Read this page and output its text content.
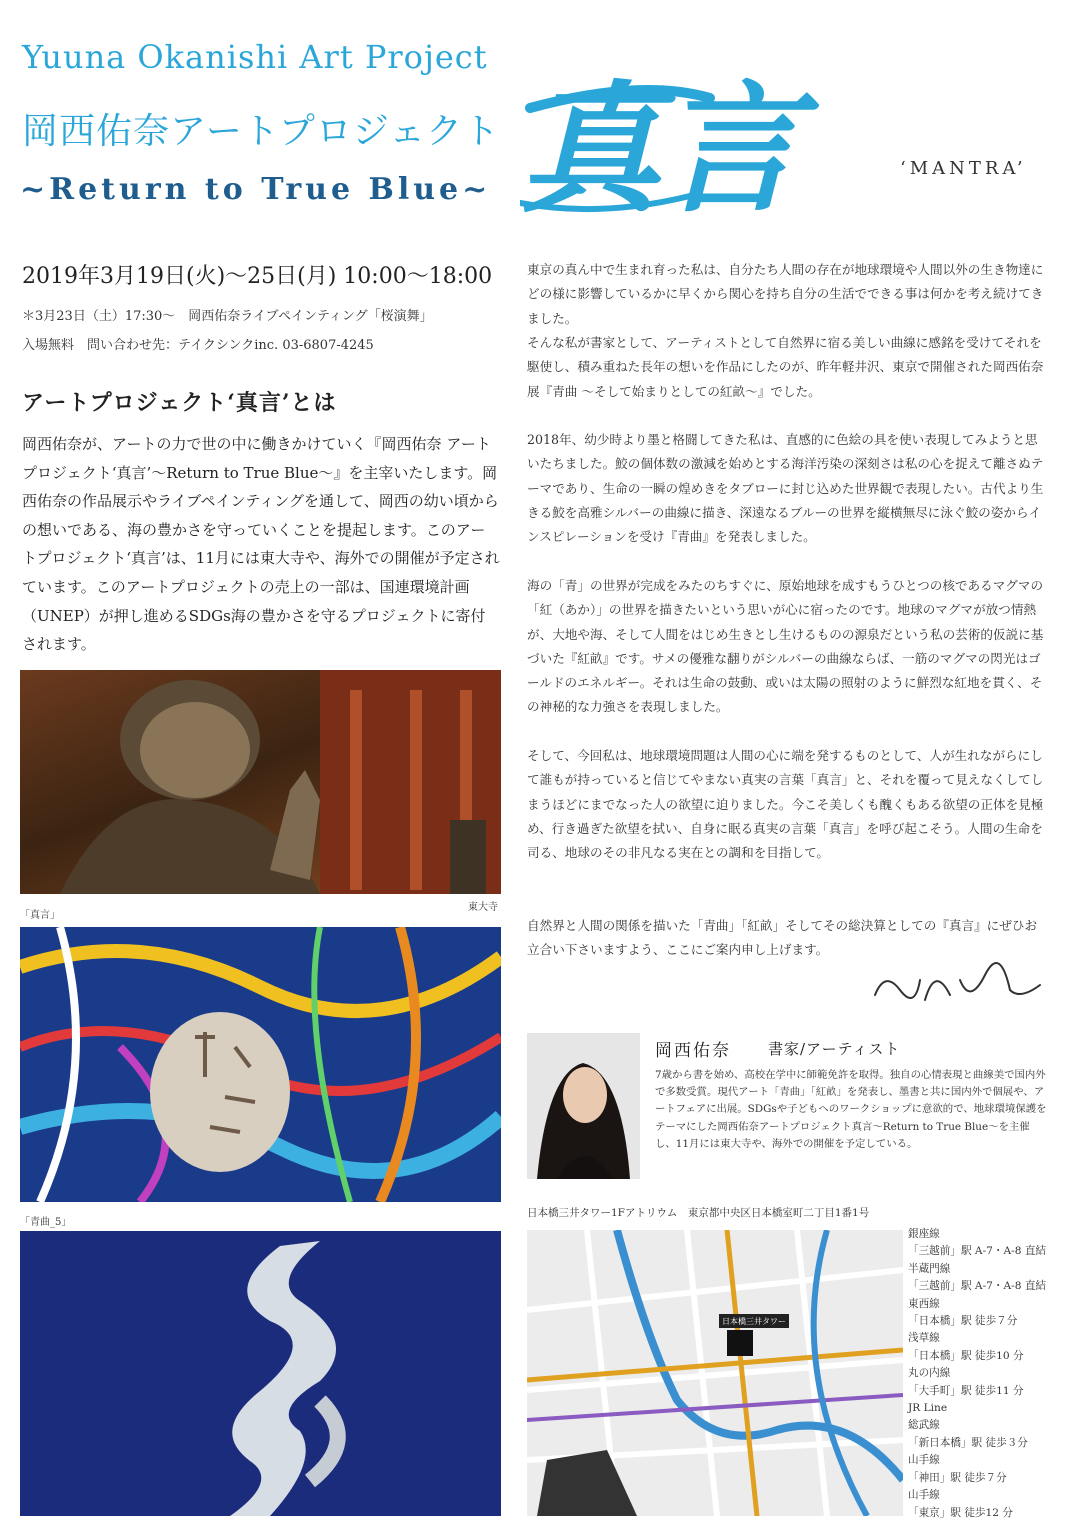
Yuuna Okanishi Art Project
岡西佑奈アートプロジェクト
~Return to True Blue~ 真言	‘MANTRA’
2019年3月19日(火)〜25日(月) 10:00〜18:00
＊3月23日（土）17:30〜　岡西佑奈ライブペインティング「桜演舞」
入場無料　問い合わせ先：テイクシンクinc. 03-6807-4245
アートプロジェクト‘真言’とは

岡西佑奈が、アートの力で世の中に働きかけていく『岡西佑奈 アートプロジェクト‘真言’〜Return to True Blue〜』を主宰いたします。岡西佑奈の作品展示やライブペインティングを通して、岡西の幼い頃からの想いである、海の豊かさを守っていくことを提起します。このアートプロジェクト‘真言’は、11月には東大寺や、海外での開催が予定されています。このアートプロジェクトの売上の一部は、国連環境計画（UNEP）が押し進めるSDGs海の豊かさを守るプロジェクトに寄付されます。

「真言」
東大寺
「青曲_5」

東京の真ん中で生まれ育った私は、自分たち人間の存在が地球環境や人間以外の生き物達にどの様に影響しているかに早くから関心を持ち自分の生活でできる事は何かを考え続けてきました。

そんな私が書家として、アーティストとして自然界に宿る美しい曲線に感銘を受けてそれを駆使し、積み重ねた長年の想いを作品にしたのが、昨年軽井沢、東京で開催された岡西佑奈展『青曲 〜そして始まりとしての紅畝〜』でした。

2018年、幼少時より墨と格闘してきた私は、直感的に色絵の具を使い表現してみようと思いたちました。鮫の個体数の激減を始めとする海洋汚染の深刻さは私の心を捉えて離さぬテーマであり、生命の一瞬の煌めきをタブローに封じ込めた世界観で表現したい。古代より生きる鮫を高雅シルバーの曲線に描き、深遠なるブルーの世界を縦横無尽に泳ぐ鮫の姿からインスピレーションを受け『青曲』を発表しました。

海の「青」の世界が完成をみたのちすぐに、原始地球を成すもうひとつの核であるマグマの「紅（あか）」の世界を描きたいという思いが心に宿ったのです。地球のマグマが放つ情熱が、大地や海、そして人間をはじめ生きとし生けるものの源泉だという私の芸術的仮説に基づいた『紅畝』です。サメの優雅な翻りがシルバーの曲線ならば、一筋のマグマの閃光はゴールドのエネルギー。それは生命の鼓動、或いは太陽の照射のように鮮烈な紅地を貫く、その神秘的な力強さを表現しました。

そして、今回私は、地球環境問題は人間の心に端を発するものとして、人が生れながらにして誰もが持っていると信じてやまない真実の言葉「真言」と、それを覆って見えなくしてしまうほどにまでなった人の欲望に迫りました。今こそ美しくも醜くもある欲望の正体を見極め、行き過ぎた欲望を拭い、自身に眠る真実の言葉「真言」を呼び起こそう。人間の生命を司る、地球のその非凡なる実在との調和を目指して。

自然界と人間の関係を描いた「青曲」「紅畝」そしてその総決算としての『真言』にぜひお立合い下さいますよう、ここにご案内申し上げます。

岡西佑奈 書家/アーティスト

7歳から書を始め、高校在学中に師範免許を取得。独自の心情表現と曲線美で国内外で多数受賞。現代アート「青曲」「紅畝」を発表し、墨書と共に国内外で個展や、アートフェアに出展。SDGsや子どもへのワークショップに意欲的で、地球環境保護をテーマにした岡西佑奈アートプロジェクト真言〜Return to True Blue〜を主催し、11月には東大寺や、海外での開催を予定している。

日本橋三井タワー1Fアトリウム　東京都中央区日本橋室町二丁目1番1号
日本橋三井タワー
銀座線
「三越前」駅 A-7・A-8 直結
半蔵門線
「三越前」駅 A-7・A-8 直結
東西線
「日本橋」駅 徒歩７分
浅草線
「日本橋」駅 徒歩10 分
丸の内線
「大手町」駅 徒歩11 分
JR Line
総武線
「新日本橋」駅 徒歩３分
山手線
「神田」駅 徒歩７分
山手線
「東京」駅 徒歩12 分
